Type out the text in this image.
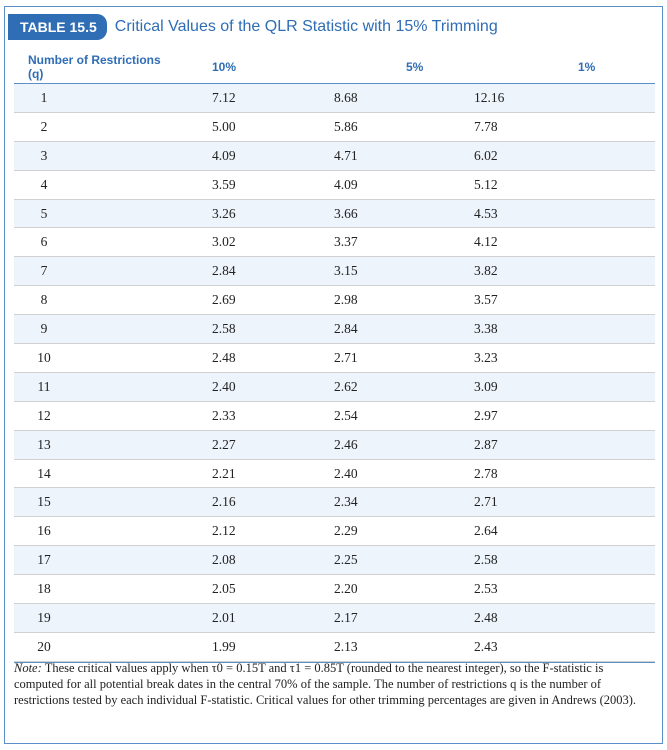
TABLE 15.5	Critical Values of the QLR Statistic with 15% Trimming
Number of Restrictions (q)	10%	5%	1%
1	7.12	8.68	12.16
2	5.00	5.86	7.78
3	4.09	4.71	6.02
4	3.59	4.09	5.12
5	3.26	3.66	4.53
6	3.02	3.37	4.12
7	2.84	3.15	3.82
8	2.69	2.98	3.57
9	2.58	2.84	3.38
10	2.48	2.71	3.23
11	2.40	2.62	3.09
12	2.33	2.54	2.97
13	2.27	2.46	2.87
14	2.21	2.40	2.78
15	2.16	2.34	2.71
16	2.12	2.29	2.64
17	2.08	2.25	2.58
18	2.05	2.20	2.53
19	2.01	2.17	2.48
20	1.99	2.13	2.43
Note: These critical values apply when τ0 = 0.15T and τ1 = 0.85T (rounded to the nearest integer), so the F-statistic is computed for all potential break dates in the central 70% of the sample. The number of restrictions q is the number of restrictions tested by each individual F-statistic. Critical values for other trimming percentages are given in Andrews (2003).
